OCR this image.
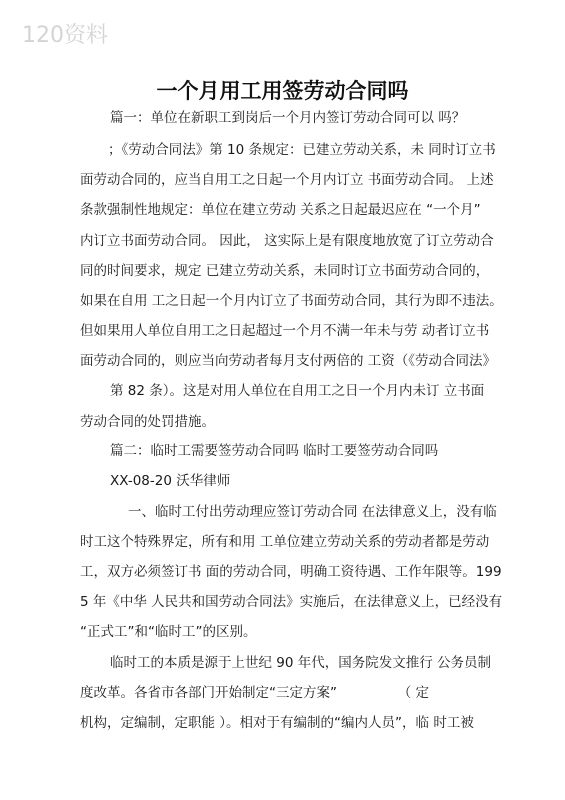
120资料
一个月用工用签劳动合同吗
篇一：单位在新职工到岗后一个月内签订劳动合同可以 吗？
；《劳动合同法》第 10 条规定：已建立劳动关系，未 同时订立书
面劳动合同的，应当自用工之日起一个月内订立 书面劳动合同。 上述
条款强制性地规定：单位在建立劳动 关系之日起最迟应在 “一个月”
内订立书面劳动合同。 因此， 这实际上是有限度地放宽了订立劳动合
同的时间要求，规定 已建立劳动关系，未同时订立书面劳动合同的，
如果在自用 工之日起一个月内订立了书面劳动合同，其行为即不违法。
但如果用人单位自用工之日起超过一个月不满一年未与劳 动者订立书
面劳动合同的，则应当向劳动者每月支付两倍的 工资（《劳动合同法》
第 82 条）。这是对用人单位在自用工之日一个月内未订 立书面
劳动合同的处罚措施。
篇二：临时工需要签劳动合同吗 临时工要签劳动合同吗
XX-08-20 沃华律师
一、临时工付出劳动理应签订劳动合同 在法律意义上，没有临
时工这个特殊界定，所有和用 工单位建立劳动关系的劳动者都是劳动
工，双方必须签订书 面的劳动合同，明确工资待遇、工作年限等。199
5 年《中华 人民共和国劳动合同法》实施后，在法律意义上，已经没有
“正式工”和“临时工”的区别。
临时工的本质是源于上世纪 90 年代，国务院发文推行 公务员制
度改革。各省市各部门开始制定“三定方案”　　　　　（ 定
机构，定编制，定职能 ）。相对于有编制的“编内人员”，临 时工被
